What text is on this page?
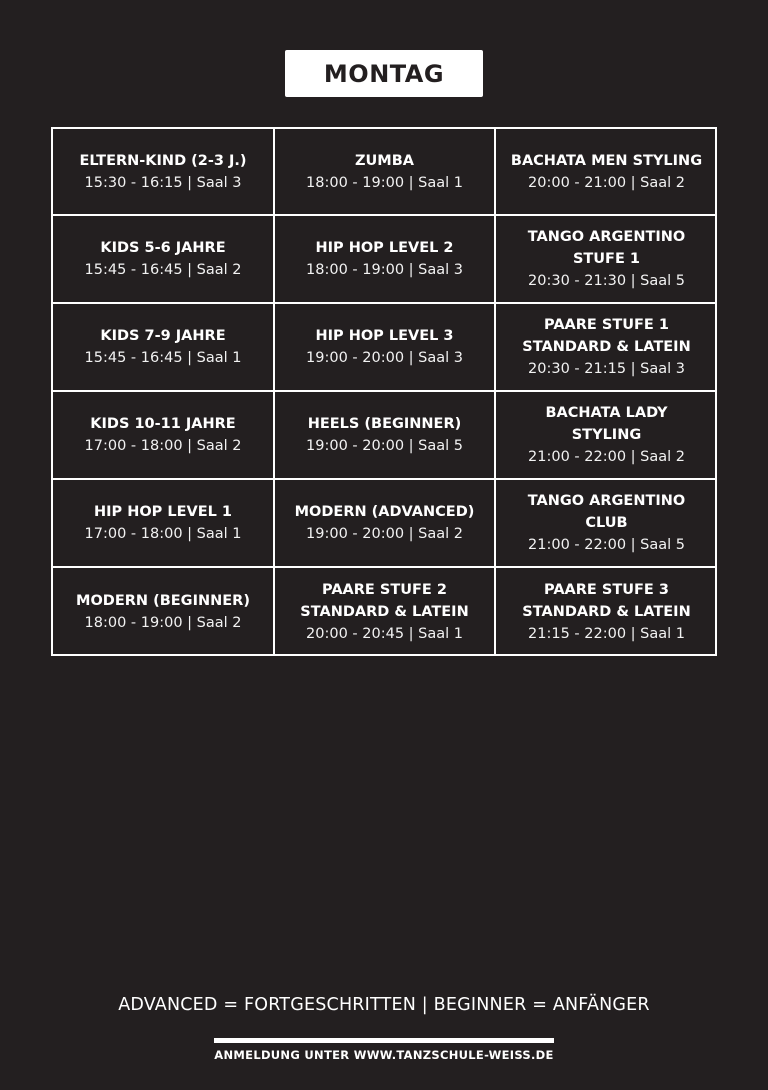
MONTAG
ELTERN-KIND (2-3 J.)
15:30 - 16:15 | Saal 3
ZUMBA
18:00 - 19:00 | Saal 1
BACHATA MEN STYLING
20:00 - 21:00 | Saal 2
KIDS 5-6 JAHRE
15:45 - 16:45 | Saal 2
HIP HOP LEVEL 2
18:00 - 19:00 | Saal 3
TANGO ARGENTINO
STUFE 1
20:30 - 21:30 | Saal 5
KIDS 7-9 JAHRE
15:45 - 16:45 | Saal 1
HIP HOP LEVEL 3
19:00 - 20:00 | Saal 3
PAARE STUFE 1
STANDARD & LATEIN
20:30 - 21:15 | Saal 3
KIDS 10-11 JAHRE
17:00 - 18:00 | Saal 2
HEELS (BEGINNER)
19:00 - 20:00 | Saal 5
BACHATA LADY
STYLING
21:00 - 22:00 | Saal 2
HIP HOP LEVEL 1
17:00 - 18:00 | Saal 1
MODERN (ADVANCED)
19:00 - 20:00 | Saal 2
TANGO ARGENTINO
CLUB
21:00 - 22:00 | Saal 5
MODERN (BEGINNER)
18:00 - 19:00 | Saal 2
PAARE STUFE 2
STANDARD & LATEIN
20:00 - 20:45 | Saal 1
PAARE STUFE 3
STANDARD & LATEIN
21:15 - 22:00 | Saal 1
ADVANCED = FORTGESCHRITTEN | BEGINNER = ANFÄNGER
ANMELDUNG UNTER WWW.TANZSCHULE-WEISS.DE
